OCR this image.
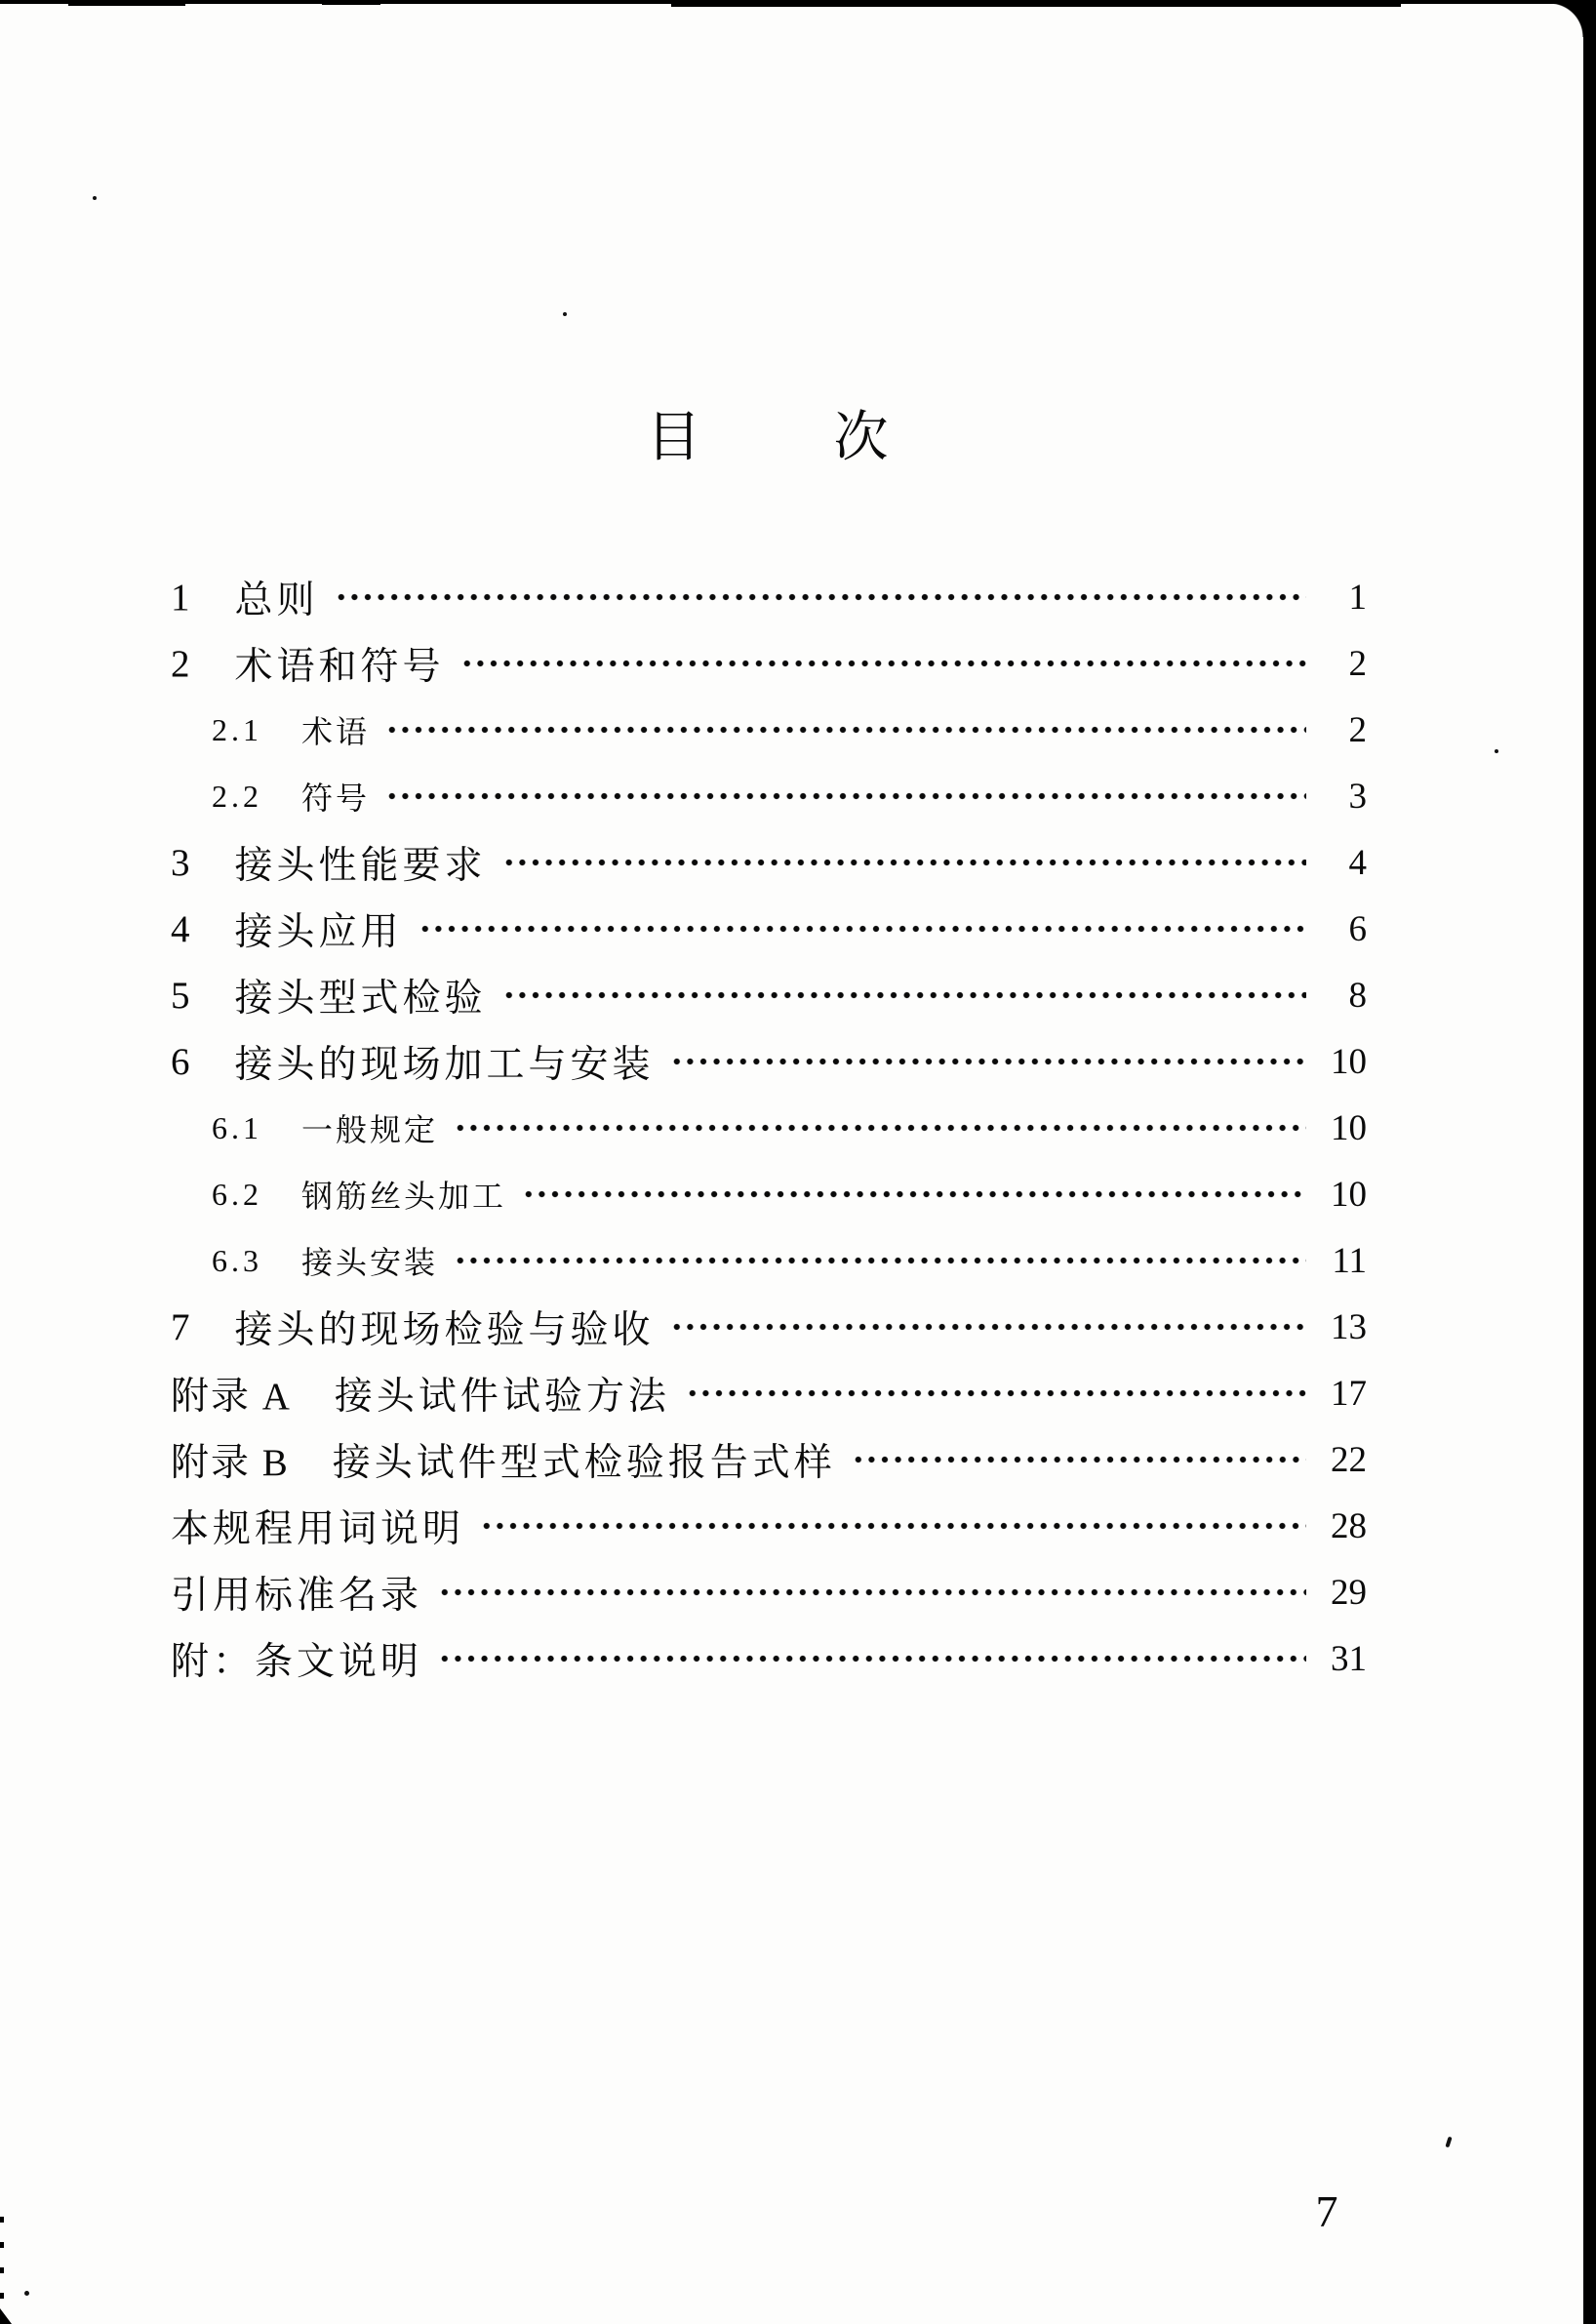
目 次
1 总则	1
2 术语和符号	2
2.1 术语	2
2.2 符号	3
3 接头性能要求	4
4 接头应用	6
5 接头型式检验	8
6 接头的现场加工与安装	10
6.1 一般规定	10
6.2 钢筋丝头加工	10
6.3 接头安装	11
7 接头的现场检验与验收	13
附录 A 接头试件试验方法	17
附录 B 接头试件型式检验报告式样	22
本规程用词说明	28
引用标准名录	29
附：条文说明	31
7
